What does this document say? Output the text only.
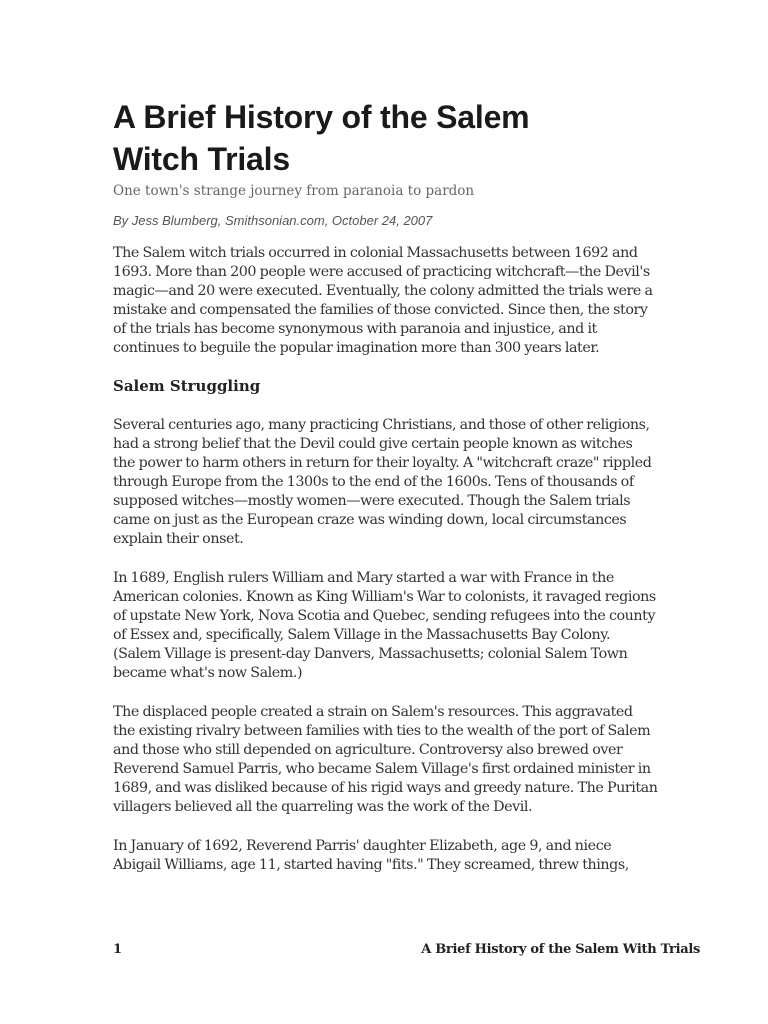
A Brief History of the Salem
Witch Trials

One town's strange journey from paranoia to pardon

By Jess Blumberg, Smithsonian.com, October 24, 2007

The Salem witch trials occurred in colonial Massachusetts between 1692 and 1693. More than 200 people were accused of practicing witchcraft—the Devil's magic—and 20 were executed. Eventually, the colony admitted the trials were a mistake and compensated the families of those convicted. Since then, the story of the trials has become synonymous with paranoia and injustice, and it continues to beguile the popular imagination more than 300 years later.

Salem Struggling

Several centuries ago, many practicing Christians, and those of other religions, had a strong belief that the Devil could give certain people known as witches the power to harm others in return for their loyalty. A "witchcraft craze" rippled through Europe from the 1300s to the end of the 1600s. Tens of thousands of supposed witches—mostly women—were executed. Though the Salem trials came on just as the European craze was winding down, local circumstances explain their onset.

In 1689, English rulers William and Mary started a war with France in the American colonies. Known as King William's War to colonists, it ravaged regions of upstate New York, Nova Scotia and Quebec, sending refugees into the county of Essex and, specifically, Salem Village in the Massachusetts Bay Colony. (Salem Village is present-day Danvers, Massachusetts; colonial Salem Town became what's now Salem.)

The displaced people created a strain on Salem's resources. This aggravated the existing rivalry between families with ties to the wealth of the port of Salem and those who still depended on agriculture. Controversy also brewed over Reverend Samuel Parris, who became Salem Village's first ordained minister in 1689, and was disliked because of his rigid ways and greedy nature. The Puritan villagers believed all the quarreling was the work of the Devil.

In January of 1692, Reverend Parris' daughter Elizabeth, age 9, and niece Abigail Williams, age 11, started having "fits." They screamed, threw things,

1	A Brief History of the Salem With Trials
